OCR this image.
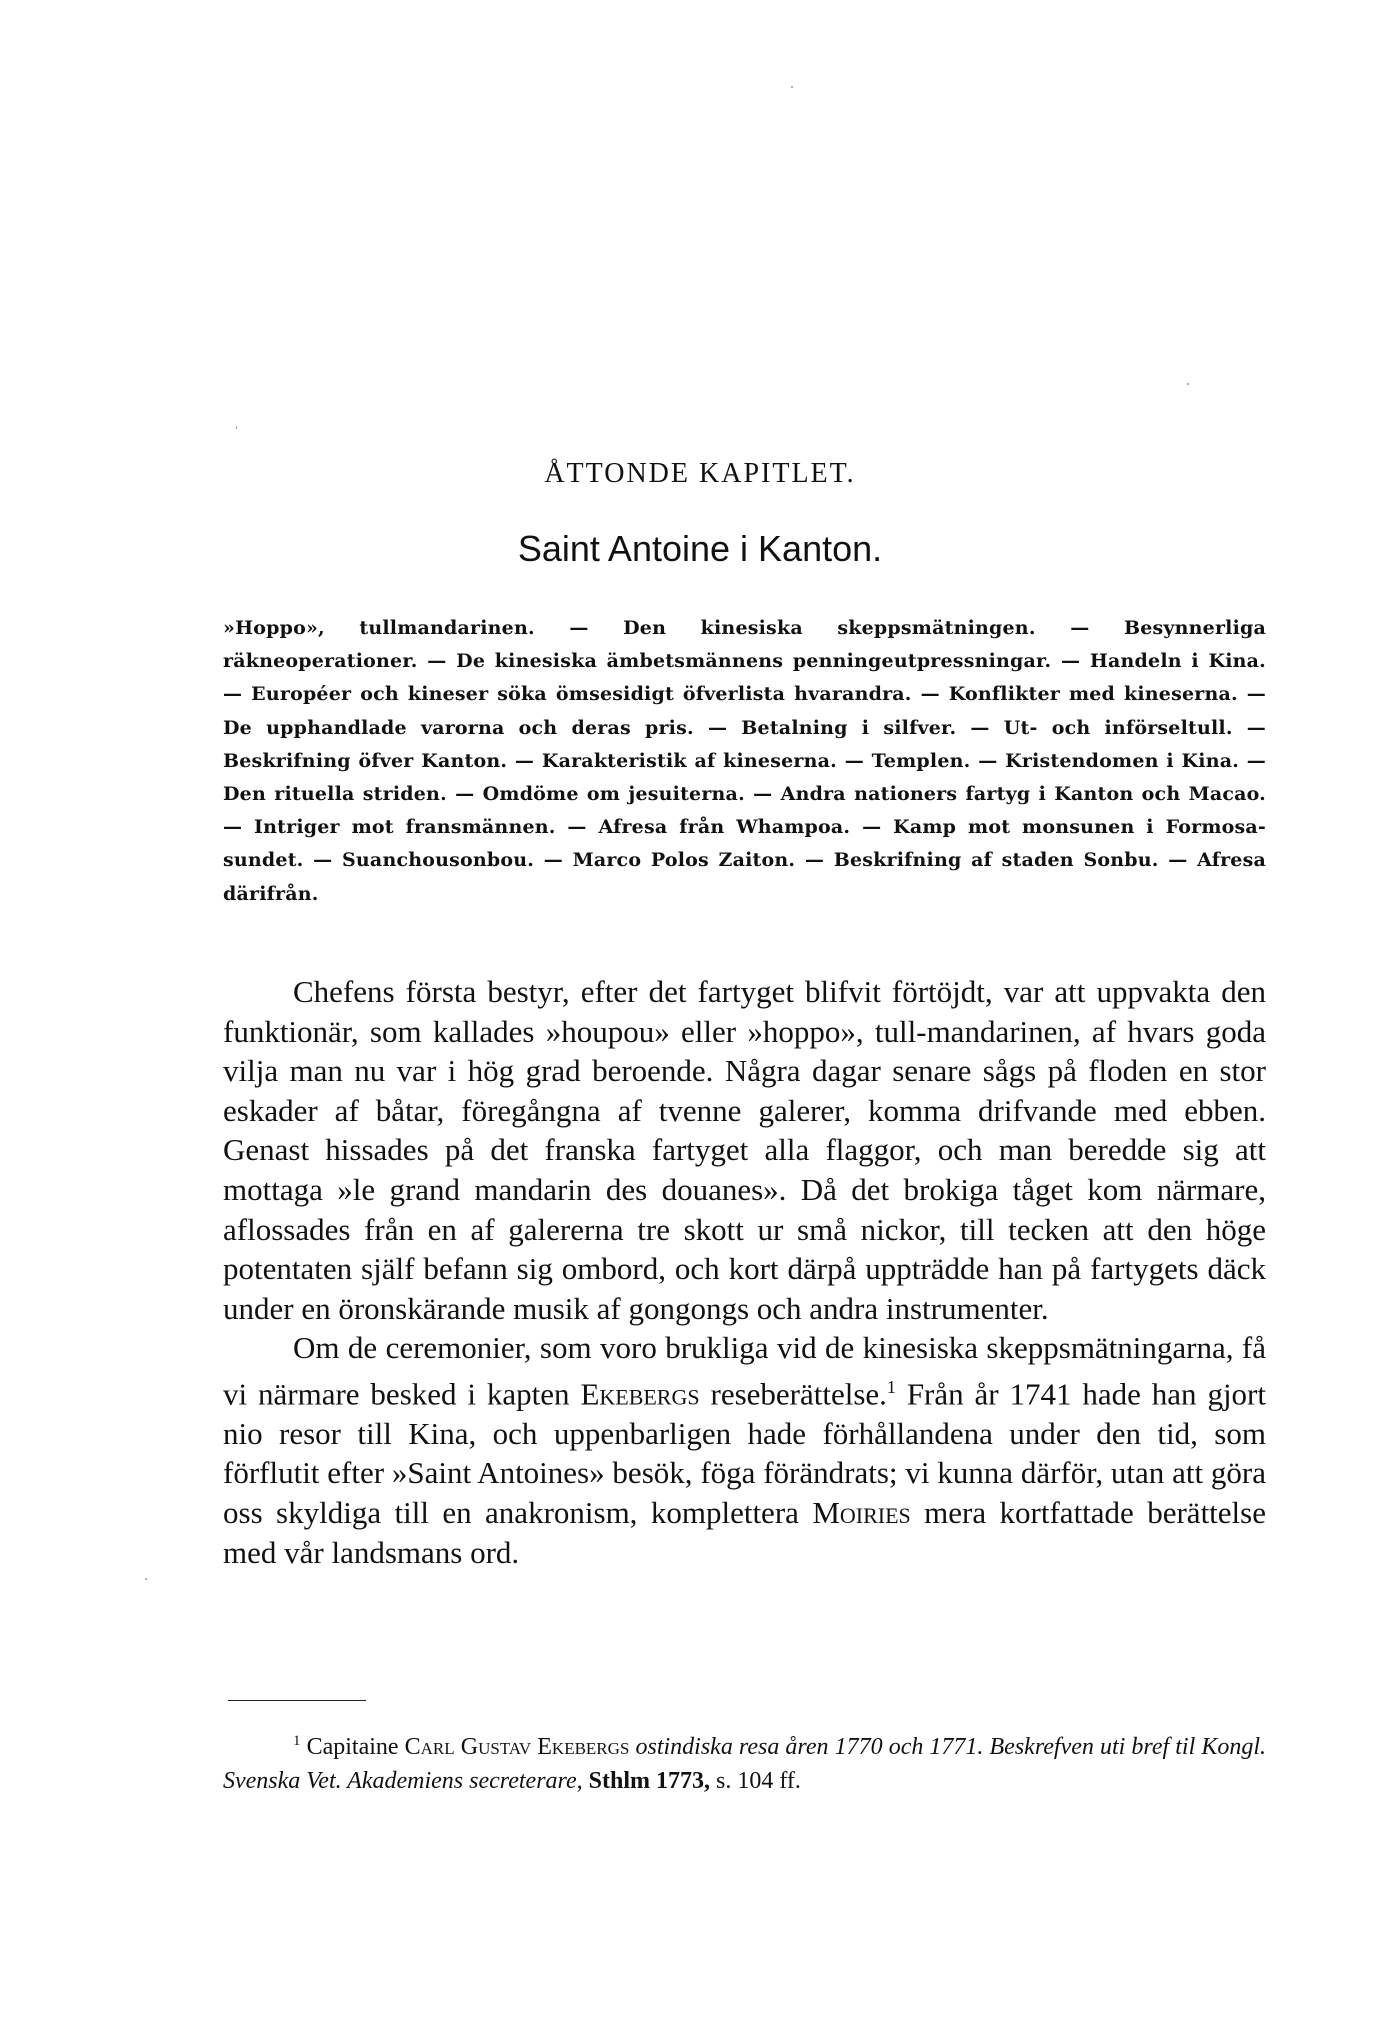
ÅTTONDE KAPITLET.
Saint Antoine i Kanton.

»Hoppo», tullmandarinen. — Den kinesiska skeppsmätningen. — Besynnerliga räkneoperationer. — De kinesiska ämbetsmännens penningeutpressningar. — Handeln i Kina. — Européer och kineser söka ömsesidigt öfverlista hvarandra. — Konflikter med kineserna. — De upphandlade varorna och deras pris. — Betalning i silfver. — Ut- och införseltull. — Beskrifning öfver Kanton. — Karakteristik af kineserna. — Templen. — Kristendomen i Kina. — Den rituella striden. — Omdöme om jesuiterna. — Andra nationers fartyg i Kanton och Macao. — Intriger mot fransmännen. — Afresa från Whampoa. — Kamp mot monsunen i Formosa-sundet. — Suanchousonbou. — Marco Polos Zaiton. — Beskrifning af staden Sonbu. — Afresa därifrån.

Chefens första bestyr, efter det fartyget blifvit förtöjdt, var att uppvakta den funktionär, som kallades »houpou» eller »hoppo», tull-mandarinen, af hvars goda vilja man nu var i hög grad beroende. Några dagar senare sågs på floden en stor eskader af båtar, föregångna af tvenne galerer, komma drifvande med ebben. Genast hissades på det franska fartyget alla flaggor, och man beredde sig att mottaga »le grand mandarin des douanes». Då det brokiga tåget kom närmare, aflossades från en af galererna tre skott ur små nickor, till tecken att den höge potentaten själf befann sig ombord, och kort därpå uppträdde han på fartygets däck under en öronskärande musik af gongongs och andra instrumenter.

Om de ceremonier, som voro brukliga vid de kinesiska skeppsmätningarna, få vi närmare besked i kapten Ekebergs reseberättelse.$^1$ Från år 1741 hade han gjort nio resor till Kina, och uppenbarligen hade förhållandena under den tid, som förflutit efter »Saint Antoines» besök, föga förändrats; vi kunna därför, utan att göra oss skyldiga till en anakronism, komplettera Moiries mera kortfattade berättelse med vår landsmans ord.

$^1$ Capitaine Carl Gustav Ekebergs ostindiska resa åren 1770 och 1771. Beskrefven uti bref til Kongl. Svenska Vet. Akademiens secreterare, Sthlm 1773, s. 104 ff.
